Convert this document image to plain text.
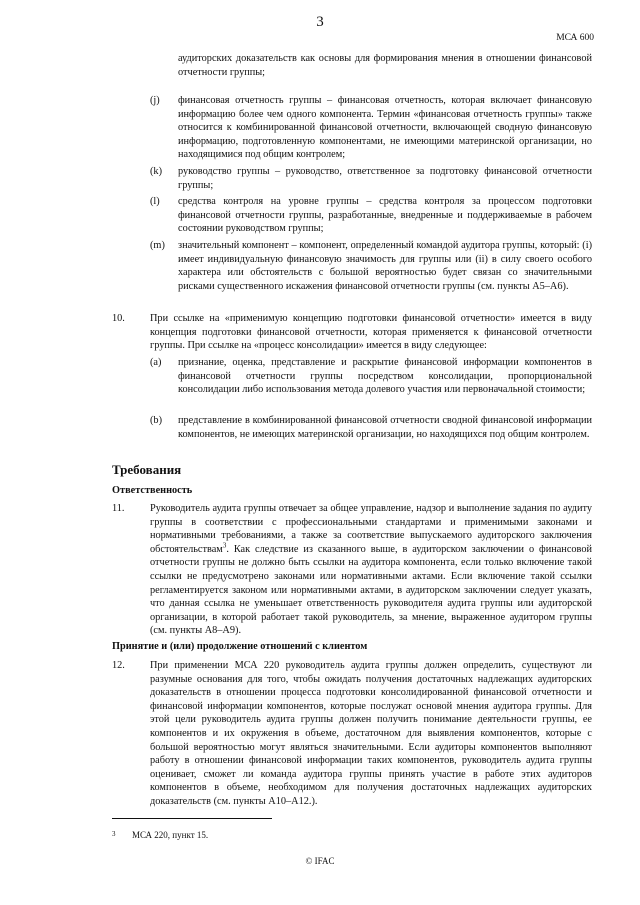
3
МСА 600

аудиторских доказательств как основы для формирования мнения в отношении финансовой отчетности группы;

(j)	финансовая отчетность группы – финансовая отчетность, которая включает финансовую информацию более чем одного компонента. Термин «финансовая отчетность группы» также относится к комбинированной финансовой отчетности, включающей сводную финансовую информацию, подготовленную компонентами, не имеющими материнской организации, но находящимися под общим контролем;

(k)	руководство группы – руководство, ответственное за подготовку финансовой отчетности группы;

(l)	средства контроля на уровне группы – средства контроля за процессом подготовки финансовой отчетности группы, разработанные, внедренные и поддерживаемые в рабочем состоянии руководством группы;

(m)	значительный компонент – компонент, определенный командой аудитора группы, который: (i) имеет индивидуальную финансовую значимость для группы или (ii) в силу своего особого характера или обстоятельств с большой вероятностью будет связан со значительными рисками существенного искажения финансовой отчетности группы (см. пункты А5–А6).

10.	При ссылке на «применимую концепцию подготовки финансовой отчетности» имеется в виду концепция подготовки финансовой отчетности, которая применяется к финансовой отчетности группы. При ссылке на «процесс консолидации» имеется в виду следующее:

(a)	признание, оценка, представление и раскрытие финансовой информации компонентов в финансовой отчетности группы посредством консолидации, пропорциональной консолидации либо использования метода долевого участия или первоначальной стоимости;

(b)	представление в комбинированной финансовой отчетности сводной финансовой информации компонентов, не имеющих материнской организации, но находящихся под общим контролем.

Требования
Ответственность
11.	Руководитель аудита группы отвечает за общее управление, надзор и выполнение задания по аудиту группы в соответствии с профессиональными стандартами и применимыми законами и нормативными требованиями, а также за соответствие выпускаемого аудиторского заключения обстоятельствам$^3$. Как следствие из сказанного выше, в аудиторском заключении о финансовой отчетности группы не должно быть ссылки на аудитора компонента, если только включение такой ссылки не предусмотрено законами или нормативными актами. Если включение такой ссылки регламентируется законом или нормативными актами, в аудиторском заключении следует указать, что данная ссылка не уменьшает ответственность руководителя аудита группы или аудиторской организации, в которой работает такой руководитель, за мнение, выраженное аудитором группы (см. пункты А8–А9).

Принятие и (или) продолжение отношений с клиентом
12.	При применении МСА 220 руководитель аудита группы должен определить, существуют ли разумные основания для того, чтобы ожидать получения достаточных надлежащих аудиторских доказательств в отношении процесса подготовки консолидированной финансовой отчетности и финансовой информации компонентов, которые послужат основой мнения аудитора группы. Для этой цели руководитель аудита группы должен получить понимание деятельности группы, ее компонентов и их окружения в объеме, достаточном для выявления компонентов, которые с большой вероятностью могут являться значительными. Если аудиторы компонентов выполняют работу в отношении финансовой информации таких компонентов, руководитель аудита группы оценивает, сможет ли команда аудитора группы принять участие в работе этих аудиторов компонентов в объеме, необходимом для получения достаточных надлежащих аудиторских доказательств (см. пункты А10–А12.).

3	МСА 220, пункт 15.
© IFAC
